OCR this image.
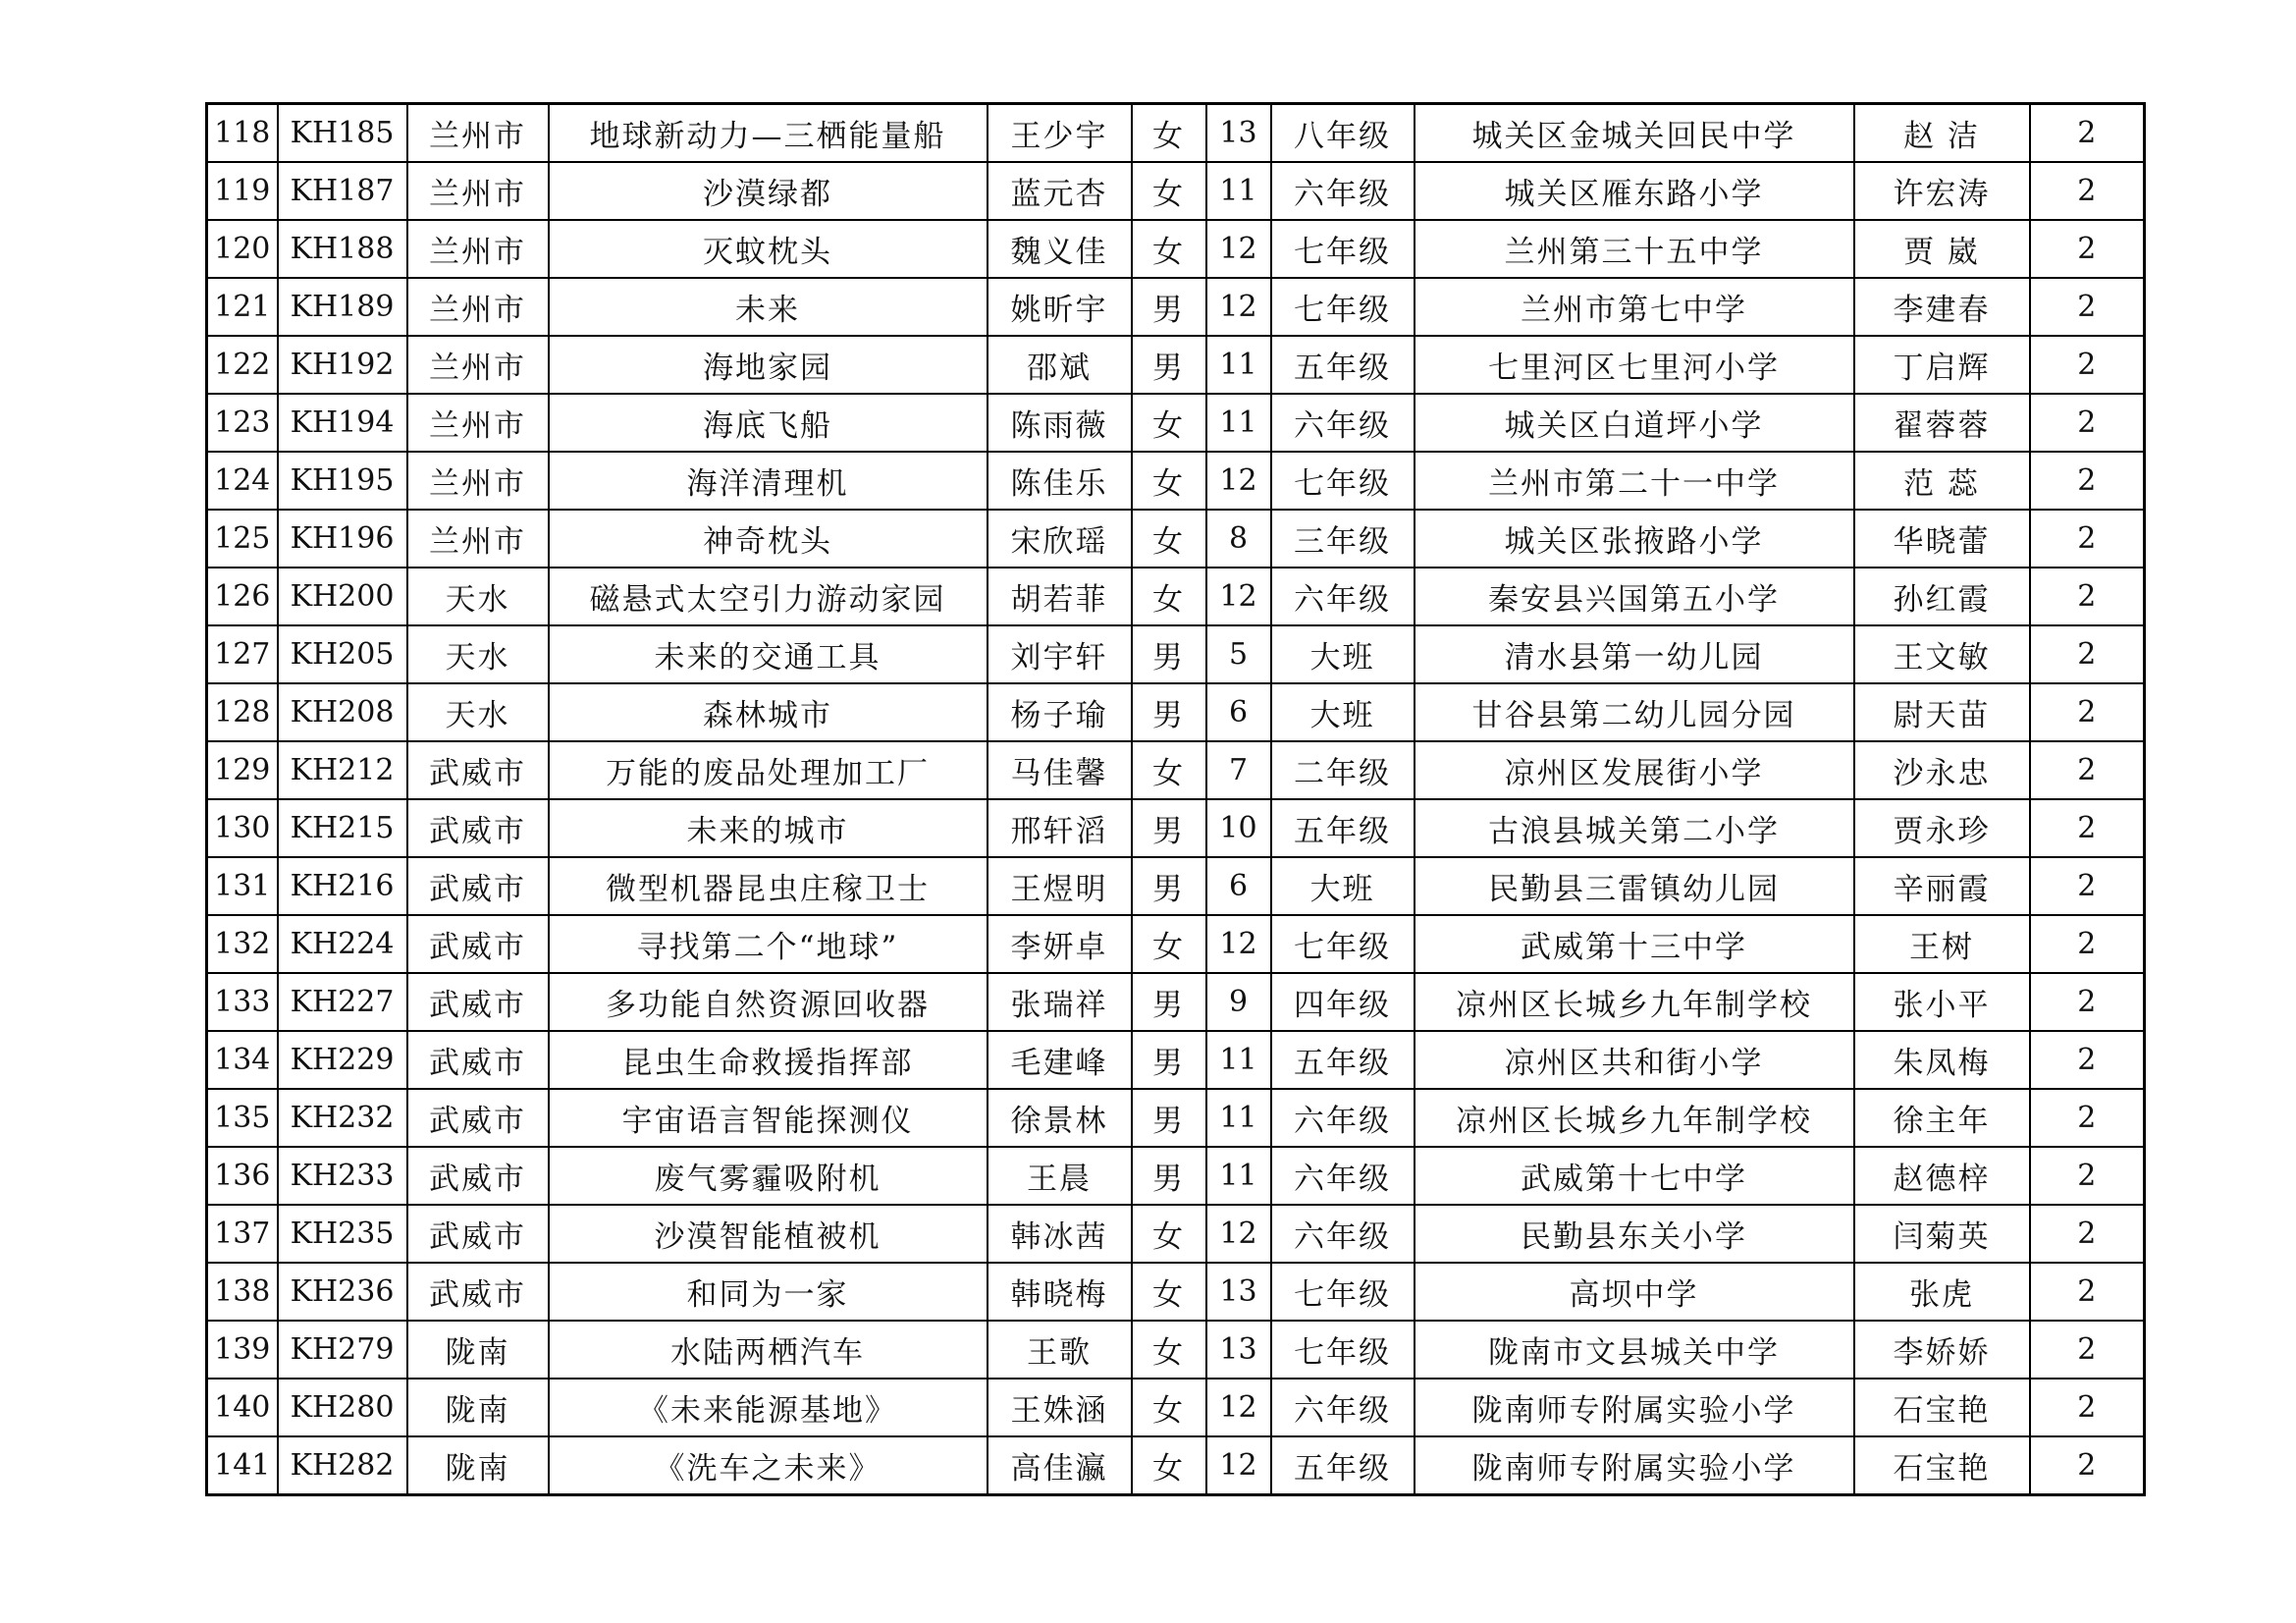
118	KH185	兰州市	地球新动力—三栖能量船	王少宇	女	13	八年级	城关区金城关回民中学	赵 洁	2
119	KH187	兰州市	沙漠绿都	蓝元杏	女	11	六年级	城关区雁东路小学	许宏涛	2
120	KH188	兰州市	灭蚊枕头	魏义佳	女	12	七年级	兰州第三十五中学	贾 崴	2
121	KH189	兰州市	未来	姚昕宇	男	12	七年级	兰州市第七中学	李建春	2
122	KH192	兰州市	海地家园	邵斌	男	11	五年级	七里河区七里河小学	丁启辉	2
123	KH194	兰州市	海底飞船	陈雨薇	女	11	六年级	城关区白道坪小学	翟蓉蓉	2
124	KH195	兰州市	海洋清理机	陈佳乐	女	12	七年级	兰州市第二十一中学	范 蕊	2
125	KH196	兰州市	神奇枕头	宋欣瑶	女	8	三年级	城关区张掖路小学	华晓蕾	2
126	KH200	天水	磁悬式太空引力游动家园	胡若菲	女	12	六年级	秦安县兴国第五小学	孙红霞	2
127	KH205	天水	未来的交通工具	刘宇轩	男	5	大班	清水县第一幼儿园	王文敏	2
128	KH208	天水	森林城市	杨子瑜	男	6	大班	甘谷县第二幼儿园分园	尉天苗	2
129	KH212	武威市	万能的废品处理加工厂	马佳馨	女	7	二年级	凉州区发展街小学	沙永忠	2
130	KH215	武威市	未来的城市	邢轩滔	男	10	五年级	古浪县城关第二小学	贾永珍	2
131	KH216	武威市	微型机器昆虫庄稼卫士	王煜明	男	6	大班	民勤县三雷镇幼儿园	辛丽霞	2
132	KH224	武威市	寻找第二个“地球”	李妍卓	女	12	七年级	武威第十三中学	王树	2
133	KH227	武威市	多功能自然资源回收器	张瑞祥	男	9	四年级	凉州区长城乡九年制学校	张小平	2
134	KH229	武威市	昆虫生命救援指挥部	毛建峰	男	11	五年级	凉州区共和街小学	朱凤梅	2
135	KH232	武威市	宇宙语言智能探测仪	徐景林	男	11	六年级	凉州区长城乡九年制学校	徐主年	2
136	KH233	武威市	废气雾霾吸附机	王晨	男	11	六年级	武威第十七中学	赵德梓	2
137	KH235	武威市	沙漠智能植被机	韩冰茜	女	12	六年级	民勤县东关小学	闫菊英	2
138	KH236	武威市	和同为一家	韩晓梅	女	13	七年级	高坝中学	张虎	2
139	KH279	陇南	水陆两栖汽车	王歌	女	13	七年级	陇南市文县城关中学	李娇娇	2
140	KH280	陇南	《未来能源基地》	王姝涵	女	12	六年级	陇南师专附属实验小学	石宝艳	2
141	KH282	陇南	《洗车之未来》	高佳瀛	女	12	五年级	陇南师专附属实验小学	石宝艳	2
